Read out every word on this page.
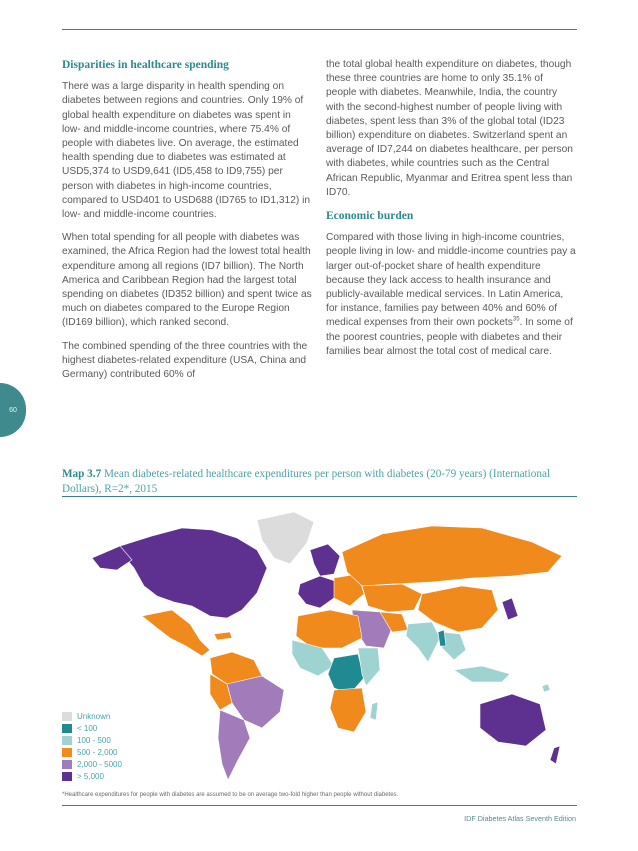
Disparities in healthcare spending

There was a large disparity in health spending on diabetes between regions and countries. Only 19% of global health expenditure on diabetes was spent in low- and middle-income countries, where 75.4% of people with diabetes live. On average, the estimated health spending due to diabetes was estimated at USD5,374 to USD9,641 (ID5,458 to ID9,755) per person with diabetes in high-income countries, compared to USD401 to USD688 (ID765 to ID1,312) in low- and middle-income countries.

When total spending for all people with diabetes was examined, the Africa Region had the lowest total health expenditure among all regions (ID7 billion). The North America and Caribbean Region had the largest total spending on diabetes (ID352 billion) and spent twice as much on diabetes compared to the Europe Region (ID169 billion), which ranked second.

The combined spending of the three countries with the highest diabetes-related expenditure (USA, China and Germany) contributed 60% of

the total global health expenditure on diabetes, though these three countries are home to only 35.1% of people with diabetes. Meanwhile, India, the country with the second-highest number of people living with diabetes, spent less than 3% of the global total (ID23 billion) expenditure on diabetes. Switzerland spent an average of ID7,244 on diabetes healthcare, per person with diabetes, while countries such as the Central African Republic, Myanmar and Eritrea spent less than ID70.

Economic burden

Compared with those living in high-income countries, people living in low- and middle-income countries pay a larger out-of-pocket share of health expenditure because they lack access to health insurance and publicly-available medical services. In Latin America, for instance, families pay between 40% and 60% of medical expenses from their own pockets$^{35}$. In some of the poorest countries, people with diabetes and their families bear almost the total cost of medical care.

60
Map 3.7 Mean diabetes-related healthcare expenditures per person with diabetes (20-79 years) (International Dollars), R=2*, 2015
Unknown
< 100
100 - 500
500 - 2,000
2,000 - 5000
> 5,000
*Healthcare expenditures for people with diabetes are assumed to be on average two-fold higher than people without diabetes.
IDF Diabetes Atlas Seventh Edition
